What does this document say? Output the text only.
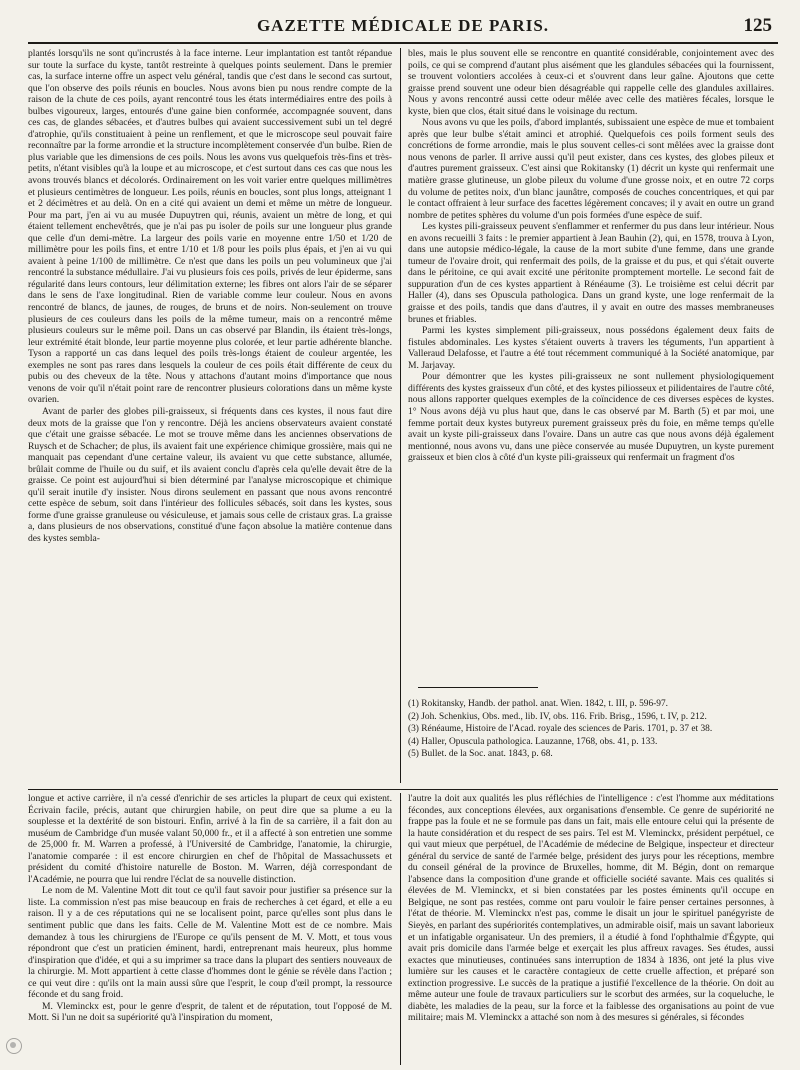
GAZETTE MÉDICALE DE PARIS.	125

plantés lorsqu'ils ne sont qu'incrustés à la face interne. Leur implantation est tantôt répandue sur toute la surface du kyste, tantôt restreinte à quelques points seulement. Dans le premier cas, la surface interne offre un aspect velu général, tandis que c'est dans le second cas surtout, que l'on observe des poils réunis en boucles. Nous avons bien pu nous rendre compte de la raison de la chute de ces poils, ayant rencontré tous les états intermédiaires entre des poils à bulbes vigoureux, larges, entourés d'une gaine bien conformée, accompagnée souvent, dans ces cas, de glandes sébacées, et d'autres bulbes qui avaient successivement subi un tel degré d'atrophie, qu'ils constituaient à peine un renflement, et que le microscope seul pouvait faire reconnaître par la forme arrondie et la structure incomplètement conservée d'un bulbe. Rien de plus variable que les dimensions de ces poils. Nous les avons vus quelquefois très-fins et très-petits, n'étant visibles qu'à la loupe et au microscope, et c'est surtout dans ces cas que nous les avons trouvés blancs et décolorés. Ordinairement on les voit varier entre quelques millimètres et plusieurs centimètres de longueur. Les poils, réunis en boucles, sont plus longs, atteignant 1 et 2 décimètres et au delà. On en a cité qui avaient un demi et même un mètre de longueur. Pour ma part, j'en ai vu au musée Dupuytren qui, réunis, avaient un mètre de long, et qui étaient tellement enchevêtrés, que je n'ai pas pu isoler de poils sur une longueur plus grande que celle d'un demi-mètre. La largeur des poils varie en moyenne entre 1/50 et 1/20 de millimètre pour les poils fins, et entre 1/10 et 1/8 pour les poils plus épais, et j'en ai vu qui avaient à peine 1/100 de millimètre. Ce n'est que dans les poils un peu volumineux que j'ai rencontré la substance médullaire. J'ai vu plusieurs fois ces poils, privés de leur épiderme, sans régularité dans leurs contours, leur délimitation externe; les fibres ont alors l'air de se séparer dans le sens de l'axe longitudinal. Rien de variable comme leur couleur. Nous en avons rencontré de blancs, de jaunes, de rouges, de bruns et de noirs. Non-seulement on trouve plusieurs de ces couleurs dans les poils de la même tumeur, mais on a rencontré même plusieurs couleurs sur le même poil. Dans un cas observé par Blandin, ils étaient très-longs, leur extrémité était blonde, leur partie moyenne plus colorée, et leur partie adhérente blanche. Tyson a rapporté un cas dans lequel des poils très-longs étaient de couleur argentée, les exemples ne sont pas rares dans lesquels la couleur de ces poils était différente de ceux du pubis ou des cheveux de la tête. Nous y attachons d'autant moins d'importance que nous venons de voir qu'il n'était point rare de rencontrer plusieurs colorations dans un même kyste ovarien.

Avant de parler des globes pili-graisseux, si fréquents dans ces kystes, il nous faut dire deux mots de la graisse que l'on y rencontre. Déjà les anciens observateurs avaient constaté que c'était une graisse sébacée. Le mot se trouve même dans les anciennes observations de Ruysch et de Schacher; de plus, ils avaient fait une expérience chimique grossière, mais qui ne manquait pas cependant d'une certaine valeur, ils avaient vu que cette substance, allumée, brûlait comme de l'huile ou du suif, et ils avaient conclu d'après cela qu'elle devait être de la graisse. Ce point est aujourd'hui si bien déterminé par l'analyse microscopique et chimique qu'il serait inutile d'y insister. Nous dirons seulement en passant que nous avons rencontré cette espèce de sebum, soit dans l'intérieur des follicules sébacés, soit dans les kystes, sous forme d'une graisse granuleuse ou vésiculeuse, et jamais sous celle de cristaux gras. La graisse a, dans plusieurs de nos observations, constitué d'une façon absolue la matière contenue dans des kystes sembla-

bles, mais le plus souvent elle se rencontre en quantité considérable, conjointement avec des poils, ce qui se comprend d'autant plus aisément que les glandules sébacées qui la fournissent, se trouvent volontiers accolées à ceux-ci et s'ouvrent dans leur gaîne. Ajoutons que cette graisse prend souvent une odeur bien désagréable qui rappelle celle des glandules axillaires. Nous y avons rencontré aussi cette odeur mêlée avec celle des matières fécales, lorsque le kyste, bien que clos, était situé dans le voisinage du rectum.

Nous avons vu que les poils, d'abord implantés, subissaient une espèce de mue et tombaient après que leur bulbe s'était aminci et atrophié. Quelquefois ces poils forment seuls des concrétions de forme arrondie, mais le plus souvent celles-ci sont mêlées avec la graisse dont nous venons de parler. Il arrive aussi qu'il peut exister, dans ces kystes, des globes pileux et d'autres purement graisseux. C'est ainsi que Rokitansky (1) décrit un kyste qui renfermait une matière grasse glutineuse, un globe pileux du volume d'une grosse noix, et en outre 72 corps du volume de petites noix, d'un blanc jaunâtre, composés de couches concentriques, et qui par le contact offraient à leur surface des facettes légèrement concaves; il y avait en outre un grand nombre de petites sphères du volume d'un pois formées d'une espèce de suif.

Les kystes pili-graisseux peuvent s'enflammer et renfermer du pus dans leur intérieur. Nous en avons recueilli 3 faits : le premier appartient à Jean Bauhin (2), qui, en 1578, trouva à Lyon, dans une autopsie médico-légale, la cause de la mort subite d'une femme, dans une grande tumeur de l'ovaire droit, qui renfermait des poils, de la graisse et du pus, et qui s'était ouverte dans le péritoine, ce qui avait excité une péritonite promptement mortelle. Le second fait de suppuration d'un de ces kystes appartient à Rénéaume (3). Le troisième est celui décrit par Haller (4), dans ses Opuscula pathologica. Dans un grand kyste, une loge renfermait de la graisse et des poils, tandis que dans d'autres, il y avait en outre des masses membraneuses brunes et friables.

Parmi les kystes simplement pili-graisseux, nous possédons également deux faits de fistules abdominales. Les kystes s'étaient ouverts à travers les téguments, l'un appartient à Valleraud Delafosse, et l'autre a été tout récemment communiqué à la Société anatomique, par M. Jarjavay.

Pour démontrer que les kystes pili-graisseux ne sont nullement physiologiquement différents des kystes graisseux d'un côté, et des kystes piliosseux et pilidentaires de l'autre côté, nous allons rapporter quelques exemples de la coïncidence de ces diverses espèces de kystes. 1° Nous avons déjà vu plus haut que, dans le cas observé par M. Barth (5) et par moi, une femme portait deux kystes butyreux purement graisseux près du foie, en même temps qu'elle avait un kyste pili-graisseux dans l'ovaire. Dans un autre cas que nous avons déjà également mentionné, nous avons vu, dans une pièce conservée au musée Dupuytren, un kyste purement graisseux et bien clos à côté d'un kyste pili-graisseux qui renfermait un fragment d'os

(1) Rokitansky, Handb. der pathol. anat. Wien. 1842, t. III, p. 596-97.
(2) Joh. Schenkius, Obs. med., lib. IV, obs. 116. Frib. Brisg., 1596, t. IV, p. 212.
(3) Rénéaume, Histoire de l'Acad. royale des sciences de Paris. 1701, p. 37 et 38.
(4) Haller, Opuscula pathologica. Lauzanne, 1768, obs. 41, p. 133.
(5) Bullet. de la Soc. anat. 1843, p. 68.

longue et active carrière, il n'a cessé d'enrichir de ses articles la plupart de ceux qui existent. Écrivain facile, précis, autant que chirurgien habile, on peut dire que sa plume a eu la souplesse et la dextérité de son bistouri. Enfin, arrivé à la fin de sa carrière, il a fait don au muséum de Cambridge d'un musée valant 50,000 fr., et il a affecté à son entretien une somme de 25,000 fr. M. Warren a professé, à l'Université de Cambridge, l'anatomie, la chirurgie, l'anatomie comparée : il est encore chirurgien en chef de l'hôpital de Massachussets et président du comité d'histoire naturelle de Boston. M. Warren, déjà correspondant de l'Académie, ne pourra que lui rendre l'éclat de sa nouvelle distinction.

Le nom de M. Valentine Mott dit tout ce qu'il faut savoir pour justifier sa présence sur la liste. La commission n'est pas mise beaucoup en frais de recherches à cet égard, et elle a eu raison. Il y a de ces réputations qui ne se localisent point, parce qu'elles sont plus dans le sentiment public que dans les faits. Celle de M. Valentine Mott est de ce nombre. Mais demandez à tous les chirurgiens de l'Europe ce qu'ils pensent de M. V. Mott, et tous vous répondront que c'est un praticien éminent, hardi, entreprenant mais heureux, plus homme d'inspiration que d'idée, et qui a su imprimer sa trace dans la plupart des sentiers nouveaux de la chirurgie. M. Mott appartient à cette classe d'hommes dont le génie se révèle dans l'action ; ce qui veut dire : qu'ils ont la main aussi sûre que l'esprit, le coup d'œil prompt, la ressource féconde et du sang froid.

M. Vleminckx est, pour le genre d'esprit, de talent et de réputation, tout l'opposé de M. Mott. Si l'un ne doit sa supériorité qu'à l'inspiration du moment,

l'autre la doit aux qualités les plus réfléchies de l'intelligence : c'est l'homme aux méditations fécondes, aux conceptions élevées, aux organisations d'ensemble. Ce genre de supériorité ne frappe pas la foule et ne se formule pas dans un fait, mais elle entoure celui qui la présente de la haute considération et du respect de ses pairs. Tel est M. Vleminckx, président perpétuel, ce qui vaut mieux que perpétuel, de l'Académie de médecine de Belgique, inspecteur et directeur général du service de santé de l'armée belge, président des jurys pour les réceptions, membre du conseil général de la province de Bruxelles, homme, dit M. Bégin, dont on remarque l'absence dans la composition d'une grande et officielle société savante. Mais ces qualités si élevées de M. Vleminckx, et si bien constatées par les postes éminents qu'il occupe en Belgique, ne sont pas restées, comme ont paru vouloir le faire penser certaines personnes, à l'état de théorie. M. Vleminckx n'est pas, comme le disait un jour le spirituel panégyriste de Sieyès, en parlant des supériorités contemplatives, un admirable oisif, mais un savant laborieux et un infatigable organisateur. Un des premiers, il a étudié à fond l'ophthalmie d'Égypte, qui avait pris domicile dans l'armée belge et exerçait les plus affreux ravages. Ses études, aussi exactes que minutieuses, continuées sans interruption de 1834 à 1836, ont jeté la plus vive lumière sur les causes et le caractère contagieux de cette cruelle affection, et préparé son extinction progressive. Le succès de la pratique a justifié l'excellence de la théorie. On doit au même auteur une foule de travaux particuliers sur le scorbut des armées, sur la coqueluche, le diabète, les maladies de la peau, sur la force et la faiblesse des organisations au point de vue militaire; mais M. Vleminckx a attaché son nom à des mesures si générales, si fécondes
